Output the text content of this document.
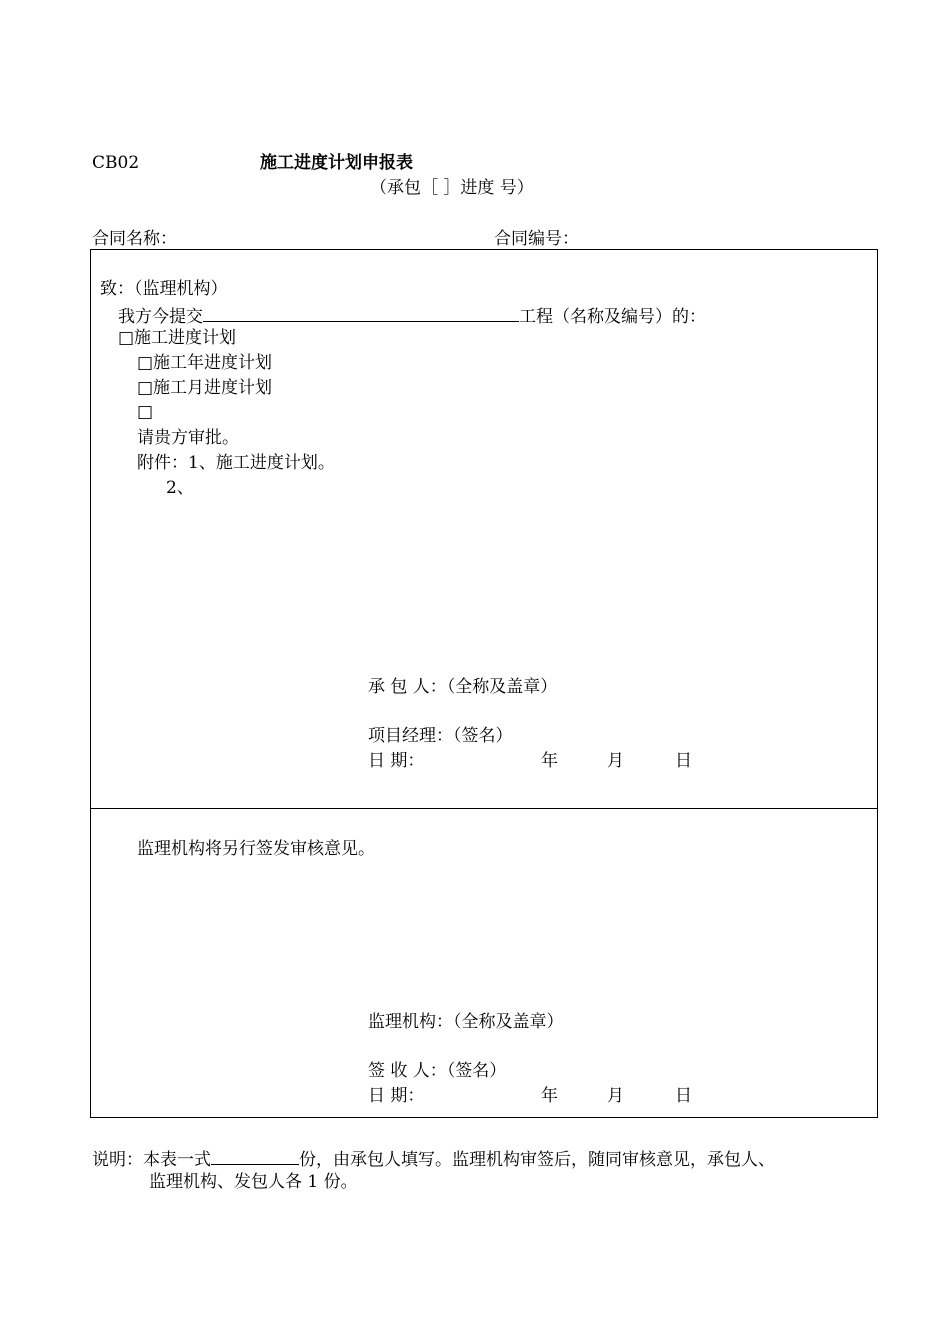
CB02	施工进度计划申报表
（承包［ ］进度 号）
合同名称：	合同编号：
致：（监理机构）
我方今提交	工程（名称及编号）的：
□施工进度计划
□施工年进度计划
□施工月进度计划
□
请贵方审批。
附件：1、施工进度计划。
2、
承 包 人：（全称及盖章）
项目经理：（签名）
日 期：	年	月	日
监理机构将另行签发审核意见。
监理机构：（全称及盖章）
签 收 人：（签名）
日 期：	年	月	日
说明：本表一式	份，由承包人填写。监理机构审签后，随同审核意见，承包人、
监理机构、发包人各 1 份。
